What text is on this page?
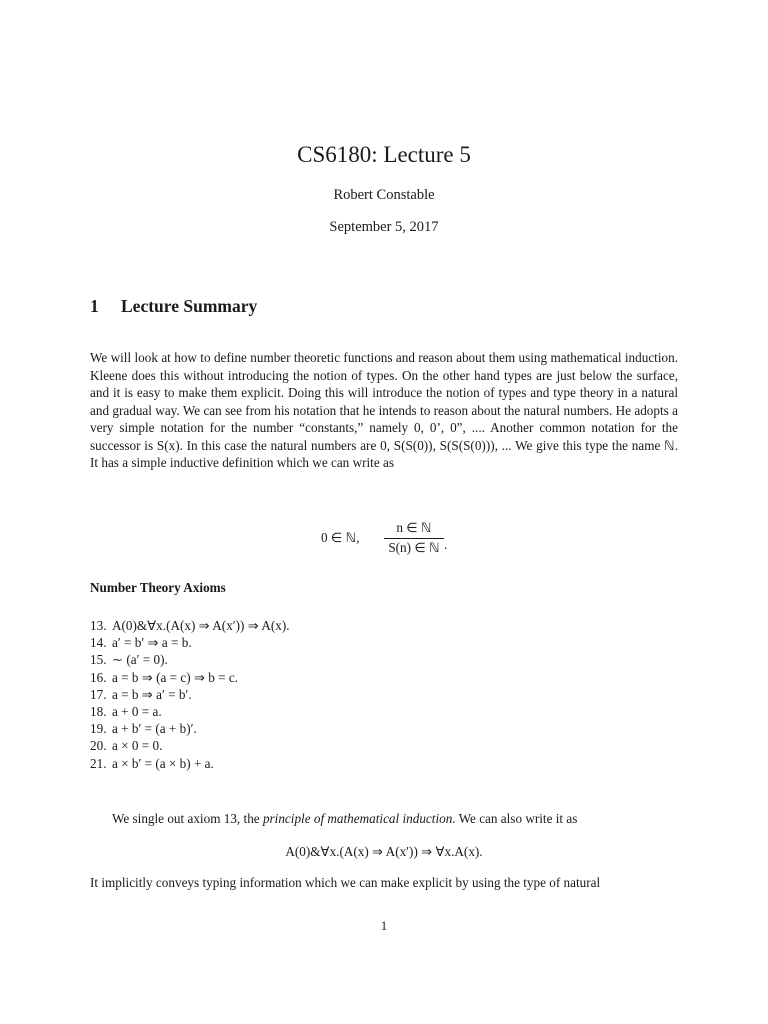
CS6180: Lecture 5
Robert Constable
September 5, 2017
1 Lecture Summary
We will look at how to define number theoretic functions and reason about them using mathematical induction. Kleene does this without introducing the notion of types. On the other hand types are just below the surface, and it is easy to make them explicit. Doing this will introduce the notion of types and type theory in a natural and gradual way. We can see from his notation that he intends to reason about the natural numbers. He adopts a very simple notation for the number “constants,” namely 0, 0’, 0”, .... Another common notation for the successor is S(x). In this case the natural numbers are 0, S(S(0)), S(S(S(0))), ... We give this type the name ℕ. It has a simple inductive definition which we can write as
0 ∈ ℕ,
n ∈ ℕ
S(n) ∈ ℕ .
Number Theory Axioms
13. A(0)&∀x.(A(x) ⇒ A(x′)) ⇒ A(x).
14. a′ = b′ ⇒ a = b.
15. ∼ (a′ = 0).
16. a = b ⇒ (a = c) ⇒ b = c.
17. a = b ⇒ a′ = b′.
18. a + 0 = a.
19. a + b′ = (a + b)′.
20. a × 0 = 0.
21. a × b′ = (a × b) + a.
We single out axiom 13, the principle of mathematical induction. We can also write it as
A(0)&∀x.(A(x) ⇒ A(x′)) ⇒ ∀x.A(x).
It implicitly conveys typing information which we can make explicit by using the type of natural
1
